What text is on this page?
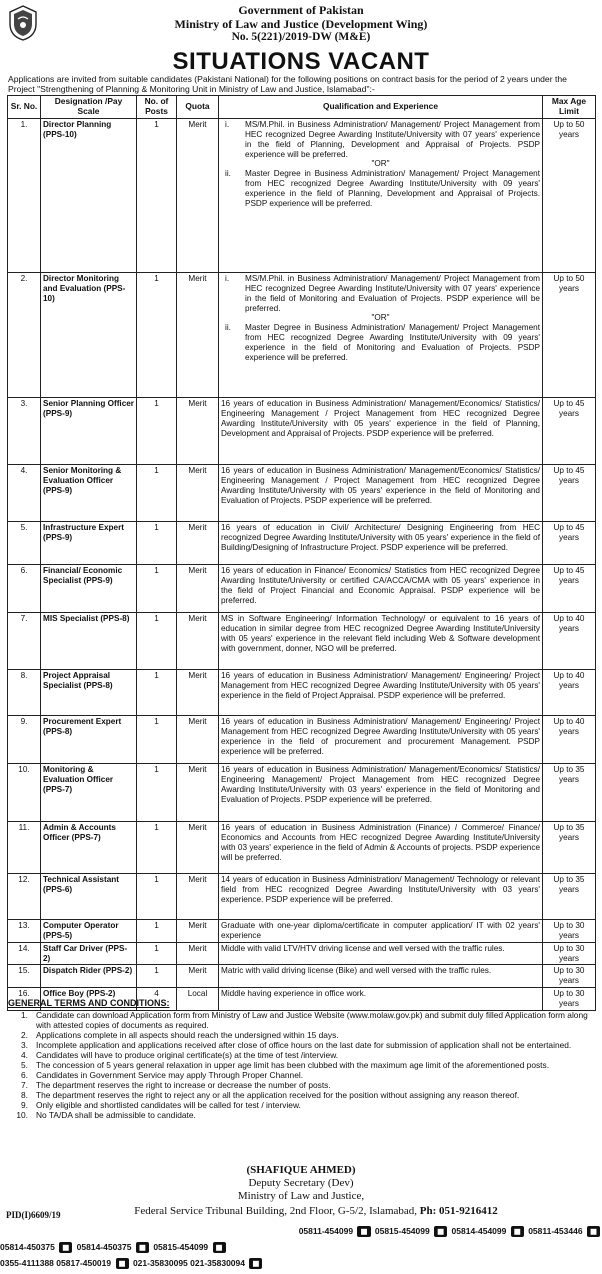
Government of Pakistan
Ministry of Law and Justice (Development Wing)
No. 5(221)/2019-DW (M&E)
SITUATIONS VACANT
Applications are invited from suitable candidates (Pakistani National) for the following positions on contract basis for the period of 2 years under the Project "Strengthening of Planning & Monitoring Unit in Ministry of Law and Justice, Islamabad":-
Sr. No.	Designation /Pay Scale	No. of Posts	Quota	Qualification and Experience	Max Age Limit
1.	Director Planning (PPS-10)	1	Merit	i. MS/M.Phil. in Business Administration/ Management/ Project Management from HEC recognized Degree Awarding Institute/University with 07 years' experience in the field of Planning, Development and Appraisal of Projects. PSDP experience will be preferred.
"OR"
ii. Master Degree in Business Administration/ Management/ Project Management from HEC recognized Degree Awarding Institute/University with 09 years' experience in the field of Planning, Development and Appraisal of Projects. PSDP experience will be preferred.	Up to 50 years
2.	Director Monitoring and Evaluation (PPS-10)	1	Merit	i. MS/M.Phil. in Business Administration/ Management/ Project Management from HEC recognized Degree Awarding Institute/University with 07 years' experience in the field of Monitoring and Evaluation of Projects. PSDP experience will be preferred.
"OR"
ii. Master Degree in Business Administration/ Management/ Project Management from HEC recognized Degree Awarding Institute/University with 09 years' experience in the field of Monitoring and Evaluation of Projects. PSDP experience will be preferred.	Up to 50 years
3.	Senior Planning Officer (PPS-9)	1	Merit	16 years of education in Business Administration/ Management/Economics/ Statistics/ Engineering Management / Project Management from HEC recognized Degree Awarding Institute/University with 05 years' experience in the field of Planning, Development and Appraisal of Projects. PSDP experience will be preferred.	Up to 45 years
4.	Senior Monitoring & Evaluation Officer (PPS-9)	1	Merit	16 years of education in Business Administration/ Management/Economics/ Statistics/ Engineering Management / Project Management from HEC recognized Degree Awarding Institute/University with 05 years' experience in the field of Monitoring and Evaluation of Projects. PSDP experience will be preferred.	Up to 45 years
5.	Infrastructure Expert (PPS-9)	1	Merit	16 years of education in Civil/ Architecture/ Designing Engineering from HEC recognized Degree Awarding Institute/University with 05 years' experience in the field of Building/Designing of Infrastructure Project. PSDP experience will be preferred.	Up to 45 years
6.	Financial/ Economic Specialist (PPS-9)	1	Merit	16 years of education in Finance/ Economics/ Statistics from HEC recognized Degree Awarding Institute/University or certified CA/ACCA/CMA with 05 years' experience in the field of Project Financial and Economic Appraisal. PSDP experience will be preferred.	Up to 45 years
7.	MIS Specialist (PPS-8)	1	Merit	MS in Software Engineering/ Information Technology/ or equivalent to 16 years of education in similar degree from HEC recognized Degree Awarding Institute/University with 05 years' experience in the relevant field including Web & Software development with government, donner, NGO will be preferred.	Up to 40 years
8.	Project Appraisal Specialist (PPS-8)	1	Merit	16 years of education in Business Administration/ Management/ Engineering/ Project Management from HEC recognized Degree Awarding Institute/University with 05 years' experience in the field of Project Appraisal. PSDP experience will be preferred.	Up to 40 years
9.	Procurement Expert (PPS-8)	1	Merit	16 years of education in Business Administration/ Management/ Engineering/ Project Management from HEC recognized Degree Awarding Institute/University with 05 years' experience in the field of procurement and procurement Management. PSDP experience will be preferred.	Up to 40 years
10.	Monitoring & Evaluation Officer (PPS-7)	1	Merit	16 years of education in Business Administration/ Management/Economics/ Statistics/ Engineering Management/ Project Management from HEC recognized Degree Awarding Institute/University with 03 years' experience in the field of Monitoring and Evaluation of Projects. PSDP experience will be preferred.	Up to 35 years
11.	Admin & Accounts Officer (PPS-7)	1	Merit	16 years of education in Business Administration (Finance) / Commerce/ Finance/ Economics and Accounts from HEC recognized Degree Awarding Institute/University with 03 years' experience in the field of Admin & Accounts of projects. PSDP experience will be preferred.	Up to 35 years
12.	Technical Assistant (PPS-6)	1	Merit	14 years of education in Business Administration/ Management/ Technology or relevant field from HEC recognized Degree Awarding Institute/University with 03 years' experience. PSDP experience will be preferred.	Up to 35 years
13.	Computer Operator (PPS-5)	1	Merit	Graduate with one-year diploma/certificate in computer application/ IT with 02 years' experience	Up to 30 years
14.	Staff Car Driver (PPS-2)	1	Merit	Middle with valid LTV/HTV driving license and well versed with the traffic rules.	Up to 30 years
15.	Dispatch Rider (PPS-2)	1	Merit	Matric with valid driving license (Bike) and well versed with the traffic rules.	Up to 30 years
16.	Office Boy (PPS-2)	4	Local	Middle having experience in office work.	Up to 30 years
GENERAL TERMS AND CONDITIONS:
1. Candidate can download Application form from Ministry of Law and Justice Website (www.molaw.gov.pk) and submit duly filled Application form along with attested copies of documents as required.
2. Applications complete in all aspects should reach the undersigned within 15 days.
3. Incomplete application and applications received after close of office hours on the last date for submission of application shall not be entertained.
4. Candidates will have to produce original certificate(s) at the time of test /interview.
5. The concession of 5 years general relaxation in upper age limit has been clubbed with the maximum age limit of the aforementioned posts.
6. Candidates in Government Service may apply Through Proper Channel.
7. The department reserves the right to increase or decrease the number of posts.
8. The department reserves the right to reject any or all the application received for the position without assigning any reason thereof.
9. Only eligible and shortlisted candidates will be called for test / interview.
10. No TA/DA shall be admissible to candidate.
(SHAFIQUE AHMED)
Deputy Secretary (Dev)
Ministry of Law and Justice,
PID(I)6609/19	Federal Service Tribunal Building, 2nd Floor, G-5/2, Islamabad, Ph: 051-9216412
05811-454099 ◼ 05815-454099 ◼ 05814-454099 ◼ 05811-453446 ◼
05814-450375 ◼ 05814-450375 ◼ 05815-454099 ◼
0355-4111388 05817-450019 ◼ 021-35830095 021-35830094 ◼
